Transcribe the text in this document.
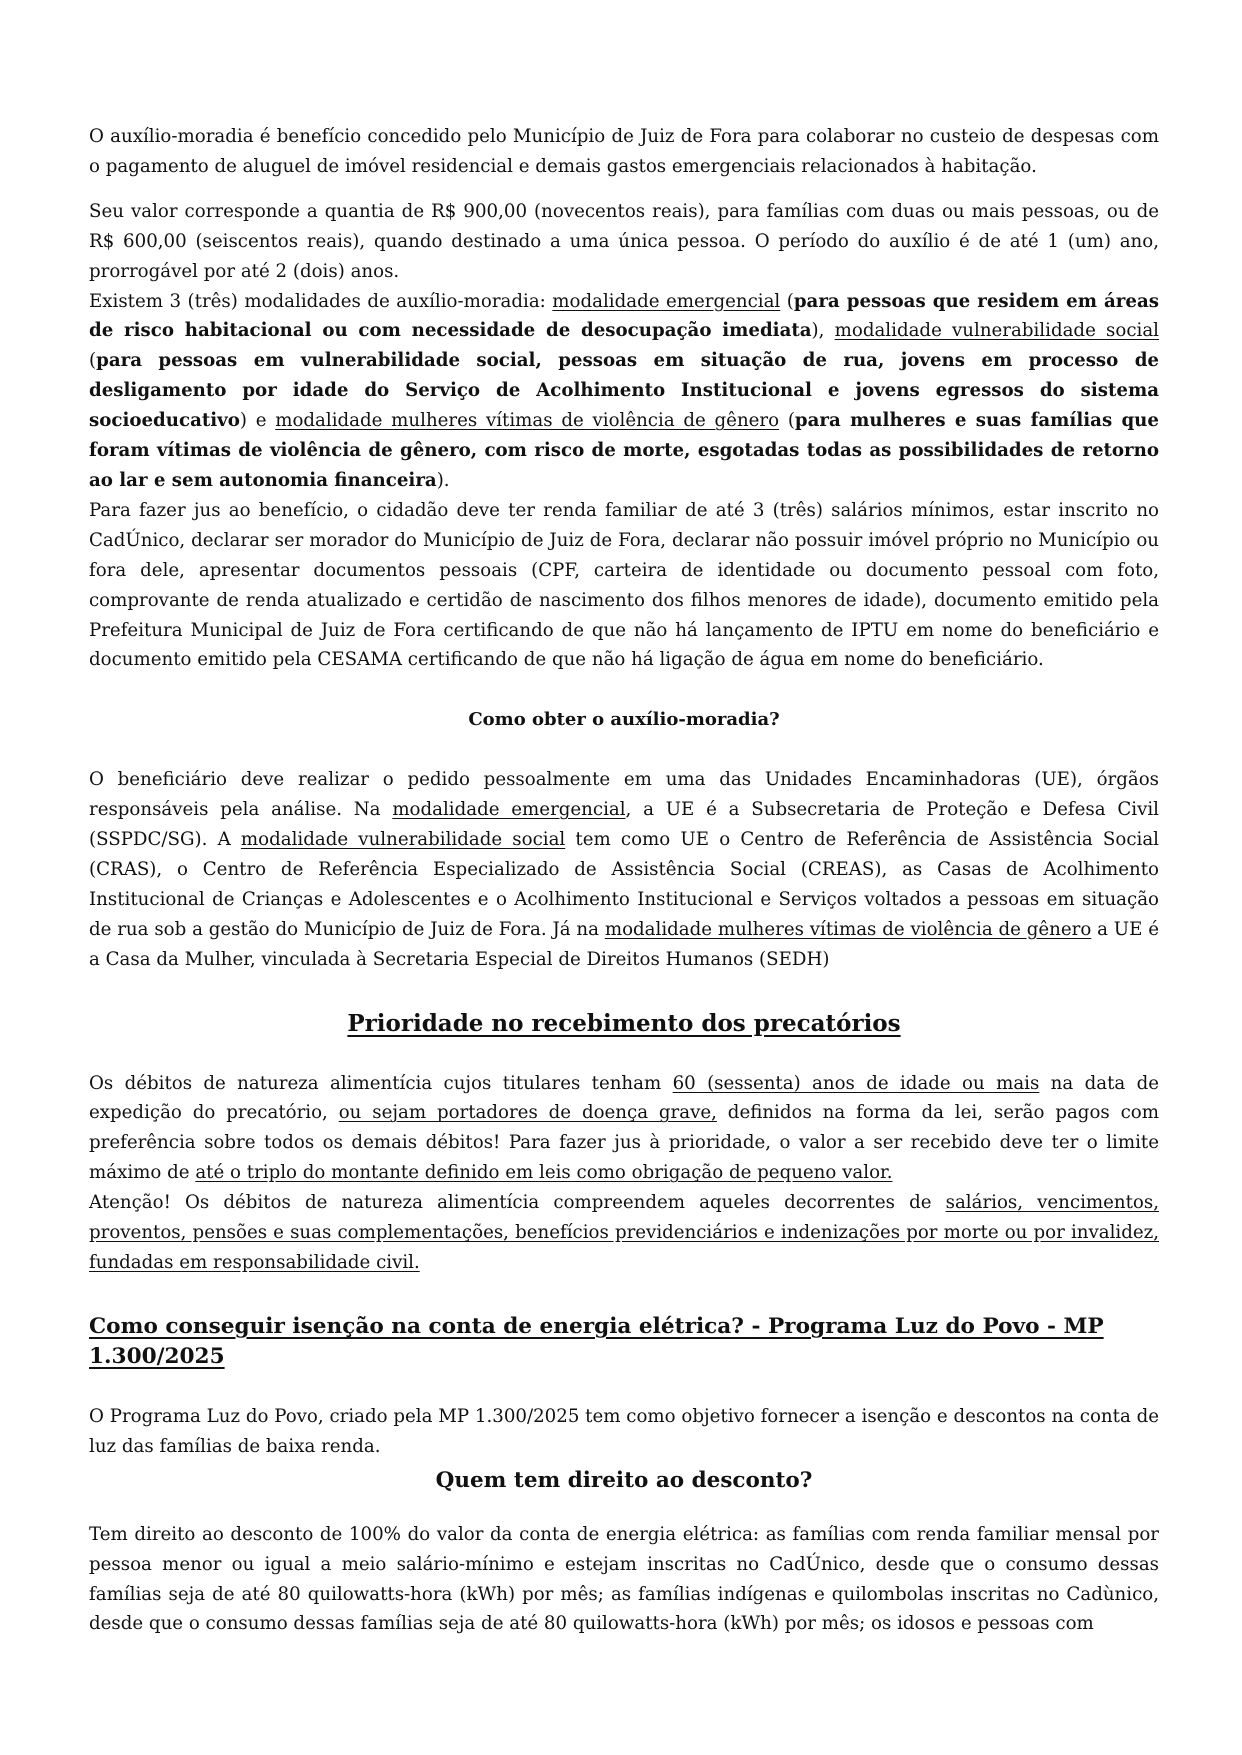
O auxílio-moradia é benefício concedido pelo Município de Juiz de Fora para colaborar no custeio de despesas com o pagamento de aluguel de imóvel residencial e demais gastos emergenciais relacionados à habitação.

Seu valor corresponde a quantia de R$ 900,00 (novecentos reais), para famílias com duas ou mais pessoas, ou de R$ 600,00 (seiscentos reais), quando destinado a uma única pessoa. O período do auxílio é de até 1 (um) ano, prorrogável por até 2 (dois) anos.

Existem 3 (três) modalidades de auxílio-moradia: modalidade emergencial (para pessoas que residem em áreas de risco habitacional ou com necessidade de desocupação imediata), modalidade vulnerabilidade social (para pessoas em vulnerabilidade social, pessoas em situação de rua, jovens em processo de desligamento por idade do Serviço de Acolhimento Institucional e jovens egressos do sistema socioeducativo) e modalidade mulheres vítimas de violência de gênero (para mulheres e suas famílias que foram vítimas de violência de gênero, com risco de morte, esgotadas todas as possibilidades de retorno ao lar e sem autonomia financeira).

Para fazer jus ao benefício, o cidadão deve ter renda familiar de até 3 (três) salários mínimos, estar inscrito no CadÚnico, declarar ser morador do Município de Juiz de Fora, declarar não possuir imóvel próprio no Município ou fora dele, apresentar documentos pessoais (CPF, carteira de identidade ou documento pessoal com foto, comprovante de renda atualizado e certidão de nascimento dos filhos menores de idade), documento emitido pela Prefeitura Municipal de Juiz de Fora certificando de que não há lançamento de IPTU em nome do beneficiário e documento emitido pela CESAMA certificando de que não há ligação de água em nome do beneficiário.

Como obter o auxílio-moradia?

O beneficiário deve realizar o pedido pessoalmente em uma das Unidades Encaminhadoras (UE), órgãos responsáveis pela análise. Na modalidade emergencial, a UE é a Subsecretaria de Proteção e Defesa Civil (SSPDC/SG). A modalidade vulnerabilidade social tem como UE o Centro de Referência de Assistência Social (CRAS), o Centro de Referência Especializado de Assistência Social (CREAS), as Casas de Acolhimento Institucional de Crianças e Adolescentes e o Acolhimento Institucional e Serviços voltados a pessoas em situação de rua sob a gestão do Município de Juiz de Fora. Já na modalidade mulheres vítimas de violência de gênero a UE é a Casa da Mulher, vinculada à Secretaria Especial de Direitos Humanos (SEDH)

Prioridade no recebimento dos precatórios

Os débitos de natureza alimentícia cujos titulares tenham 60 (sessenta) anos de idade ou mais na data de expedição do precatório, ou sejam portadores de doença grave, definidos na forma da lei, serão pagos com preferência sobre todos os demais débitos! Para fazer jus à prioridade, o valor a ser recebido deve ter o limite máximo de até o triplo do montante definido em leis como obrigação de pequeno valor.

Atenção! Os débitos de natureza alimentícia compreendem aqueles decorrentes de salários, vencimentos, proventos, pensões e suas complementações, benefícios previdenciários e indenizações por morte ou por invalidez, fundadas em responsabilidade civil.

Como conseguir isenção na conta de energia elétrica? - Programa Luz do Povo - MP 1.300/2025

O Programa Luz do Povo, criado pela MP 1.300/2025 tem como objetivo fornecer a isenção e descontos na conta de luz das famílias de baixa renda.

Quem tem direito ao desconto?

Tem direito ao desconto de 100% do valor da conta de energia elétrica: as famílias com renda familiar mensal por pessoa menor ou igual a meio salário-mínimo e estejam inscritas no CadÚnico, desde que o consumo dessas famílias seja de até 80 quilowatts-hora (kWh) por mês; as famílias indígenas e quilombolas inscritas no Cadùnico, desde que o consumo dessas famílias seja de até 80 quilowatts-hora (kWh) por mês; os idosos e pessoas com
